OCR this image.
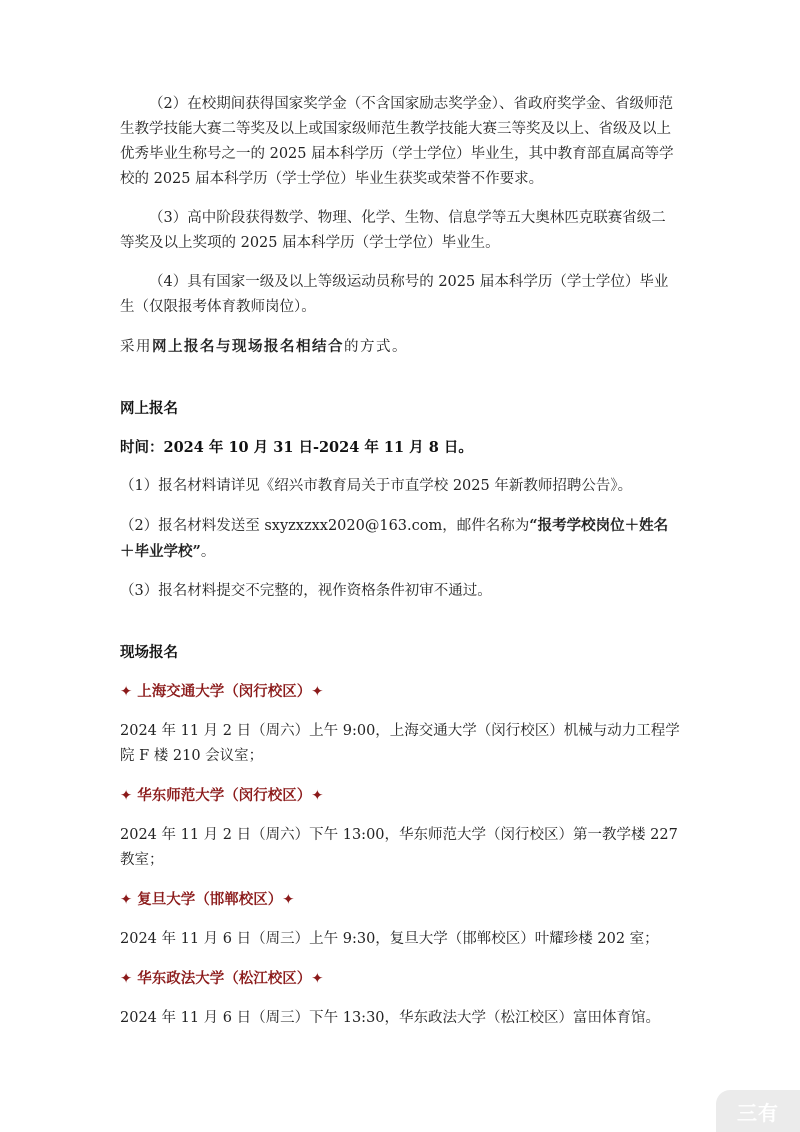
（2）在校期间获得国家奖学金（不含国家励志奖学金）、省政府奖学金、省级师范生教学技能大赛二等奖及以上或国家级师范生教学技能大赛三等奖及以上、省级及以上优秀毕业生称号之一的 2025 届本科学历（学士学位）毕业生，其中教育部直属高等学校的 2025 届本科学历（学士学位）毕业生获奖或荣誉不作要求。

（3）高中阶段获得数学、物理、化学、生物、信息学等五大奥林匹克联赛省级二等奖及以上奖项的 2025 届本科学历（学士学位）毕业生。

（4）具有国家一级及以上等级运动员称号的 2025 届本科学历（学士学位）毕业生（仅限报考体育教师岗位）。

采用网上报名与现场报名相结合的方式。

网上报名

时间：2024 年 10 月 31 日-2024 年 11 月 8 日。

（1）报名材料请详见《绍兴市教育局关于市直学校 2025 年新教师招聘公告》。

（2）报名材料发送至 sxyzxzxx2020@163.com，邮件名称为“报考学校岗位＋姓名＋毕业学校”。

（3）报名材料提交不完整的，视作资格条件初审不通过。

现场报名

✦ 上海交通大学（闵行校区）✦

2024 年 11 月 2 日（周六）上午 9:00，上海交通大学（闵行校区）机械与动力工程学院 F 楼 210 会议室；

✦ 华东师范大学（闵行校区）✦

2024 年 11 月 2 日（周六）下午 13:00，华东师范大学（闵行校区）第一教学楼 227 教室；

✦ 复旦大学（邯郸校区）✦

2024 年 11 月 6 日（周三）上午 9:30，复旦大学（邯郸校区）叶耀珍楼 202 室；

✦ 华东政法大学（松江校区）✦

2024 年 11 月 6 日（周三）下午 13:30，华东政法大学（松江校区）富田体育馆。

三有
